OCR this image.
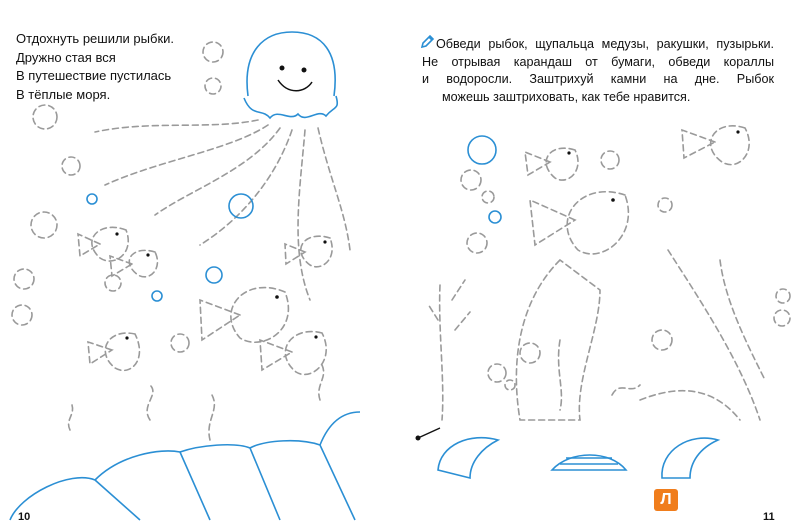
Отдохнуть решили рыбки.
Дружно стая вся
В путешествие пустилась
В тёплые моря.
Обведи рыбок, щупальца медузы, ракушки, пузырьки.
Не отрывая карандаш от бумаги, обведи кораллы
и водоросли. Заштрихуй камни на дне. Рыбок
можешь заштриховать, как тебе нравится.
10	11
Л
